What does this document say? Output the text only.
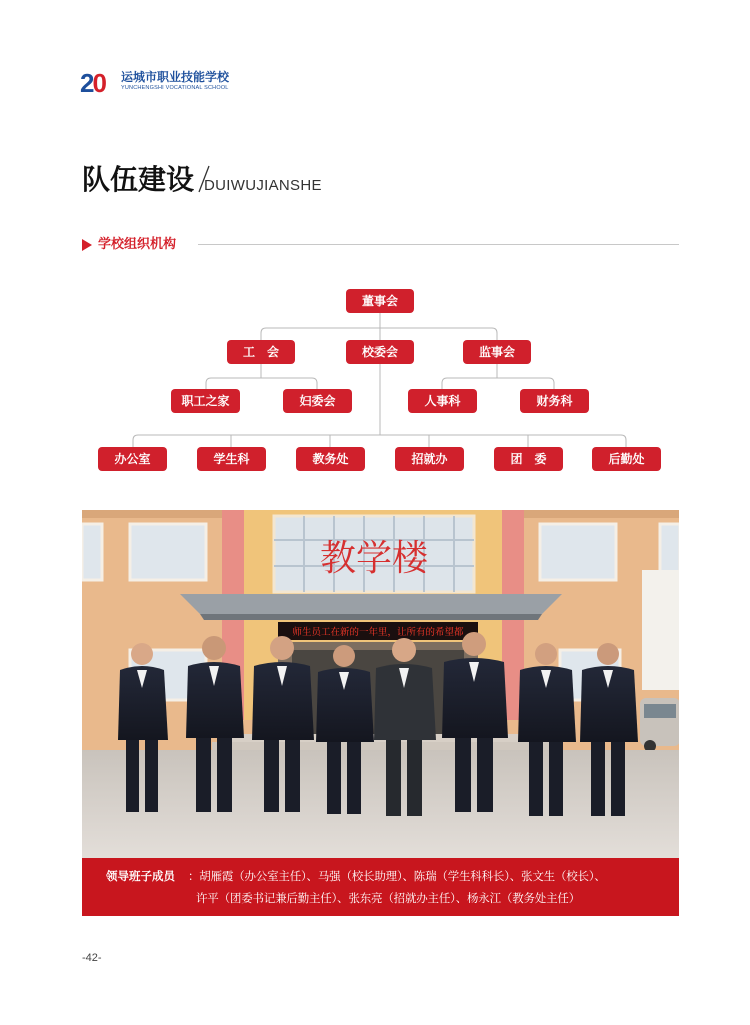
20 运城市职业技能学校
YUNCHENGSHI VOCATIONAL SCHOOL
队伍建设 DUIWUJIANSHE
学校组织机构
董事会
工　会	校委会	监事会
职工之家	妇委会	人事科	财务科
办公室	学生科	教务处	招就办	团　委	后勤处
教学楼
师生员工在新的一年里，让所有的希望都
领导班子成员 ：胡雁霞（办公室主任）、马强（校长助理）、陈瑞（学生科科长）、张文生（校长）、
许平（团委书记兼后勤主任）、张东亮（招就办主任）、杨永江（教务处主任）
-42-
